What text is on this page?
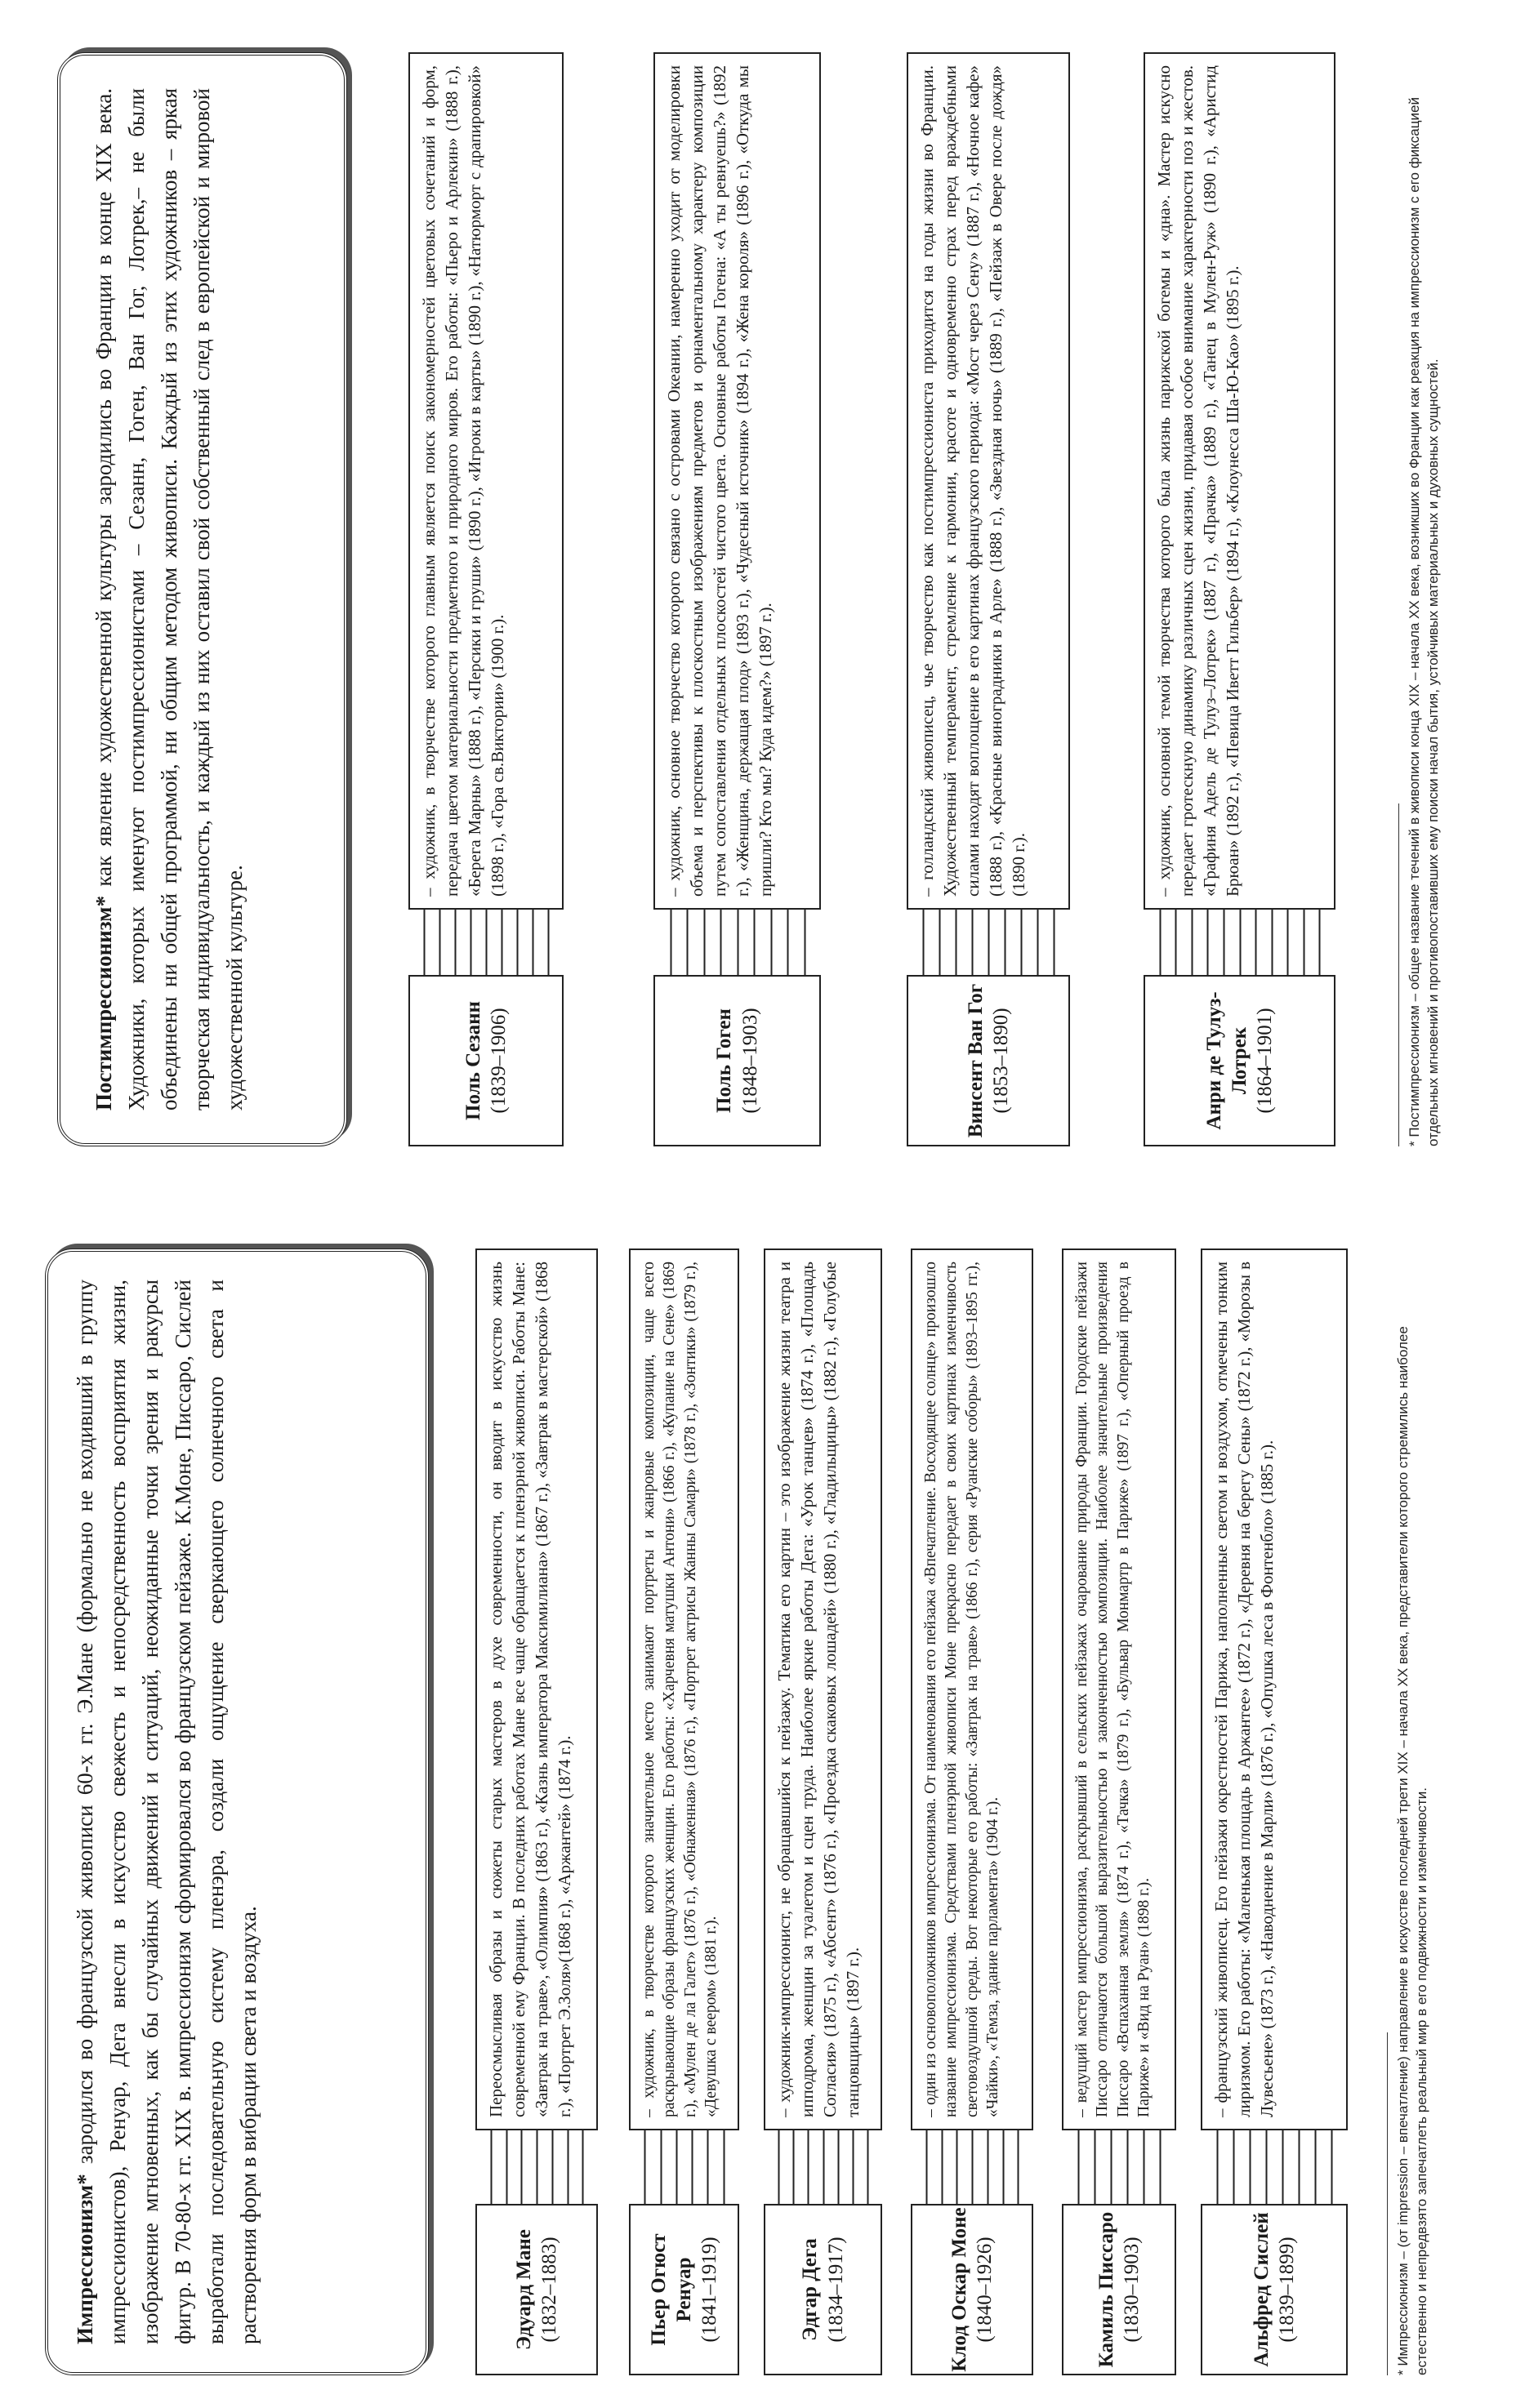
Импрессионизм* зародился во французской живописи 60-х гг. Э.Мане (формально не входивший в группу импрессионистов), Ренуар, Дега внесли в искусство свежесть и непосредственность восприятия жизни, изображение мгновенных, как бы случайных движений и ситуаций, неожиданные точки зрения и ракурсы фигур. В 70-80-х гг. XIX в. импрессионизм сформировался во французском пейзаже. К.Моне, Писсаро, Сислей выработали последовательную систему пленэра, создали ощущение сверкающего солнечного света и растворения форм в вибрации света и воздуха.	Эдуард Мане (1832–1883)
Переосмысливая образы и сюжеты старых мастеров в духе современности, он вводит в искусство жизнь современной ему Франции. В последних работах Мане все чаще обращается к пленэрной живописи. Работы Мане: «Завтрак на траве», «Олимпия» (1863 г.), «Казнь императора Максимилиана» (1867 г.), «Завтрак в мастерской» (1868 г.), «Портрет Э.Золя»(1868 г.), «Аржантей» (1874 г.).
Пьер Огюст Ренуар (1841–1919)
– художник, в творчестве которого значительное место занимают портреты и жанровые композиции, чаще всего раскрывающие образы французских женщин. Его работы: «Харчевня матушки Антони» (1866 г.), «Купание на Сене» (1869 г.), «Мулен де ла Галет» (1876 г.), «Обнаженная» (1876 г.), «Портрет актрисы Жанны Самари» (1878 г.), «Зонтики» (1879 г.), «Девушка с веером» (1881 г.).
Эдгар Дега (1834–1917)
– художник-импрессионист, не обращавшийся к пейзажу. Тематика его картин – это изображение жизни театра и ипподрома, женщин за туалетом и сцен труда. Наиболее яркие работы Дега: «Урок танцев» (1874 г.), «Площадь Согласия» (1875 г.), «Абсент» (1876 г.), «Проездка скаковых лошадей» (1880 г.), «Гладильщицы» (1882 г.), «Голубые танцовщицы» (1897 г.).
Клод Оскар Моне (1840–1926)
– один из основоположников импрессионизма. От наименования его пейзажа «Впечатление. Восходящее солнце» произошло название импрессионизма. Средствами пленэрной живописи Моне прекрасно передает в своих картинах изменчивость световоздушной среды. Вот некоторые его работы: «Завтрак на траве» (1866 г.), серия «Руанские соборы» (1893–1895 гг.), «Чайки», «Темза, здание парламента» (1904 г.).
Камиль Писсаро (1830–1903)
– ведущий мастер импрессионизма, раскрывший в сельских пейзажах очарование природы Франции. Городские пейзажи Писсаро отличаются большой выразительностью и законченностью композиции. Наиболее значительные произведения Писсаро «Вспаханная земля» (1874 г.), «Тачка» (1879 г.), «Бульвар Монмартр в Париже» (1897 г.), «Оперный проезд в Париже» и «Вид на Руан» (1898 г.).
Альфред Сислей (1839–1899)
– французский живописец. Его пейзажи окрестностей Парижа, наполненные светом и воздухом, отмечены тонким лиризмом. Его работы: «Маленькая площадь в Аржантее» (1872 г.), «Деревня на берегу Сены» (1872 г.), «Морозы в Лувесьене» (1873 г.), «Наводнение в Марли» (1876 г.), «Опушка леса в Фонтенбло» (1885 г.).	* Импрессионизм – (от impression – впечатление) направление в искусстве последней трети XIX – начала XX века, представители которого стремились наиболее естественно и непредвзято запечатлеть реальный мир в его подвижности и изменчивости.
Постимпрессионизм* как явление художественной культуры зародились во Франции в конце XIX века. Художники, которых именуют постимпрессионистами – Сезанн, Гоген, Ван Гог, Лотрек,– не были объединены ни общей программой, ни общим методом живописи. Каждый из этих художников – яркая творческая индивидуальность, и каждый из них оставил свой собственный след в европейской и мировой художественной культуре.	Поль Сезанн (1839–1906)
– художник, в творчестве которого главным является поиск закономерностей цветовых сочетаний и форм, передача цветом материальности предметного и природного миров. Его работы: «Пьеро и Арлекин» (1888 г.), «Берега Марны» (1888 г.), «Персики и груши» (1890 г.), «Игроки в карты» (1890 г.), «Натюрморт с драпировкой» (1898 г.), «Гора св.Виктории» (1900 г.).
Поль Гоген (1848–1903)
– художник, основное творчество которого связано с островами Океании, намеренно уходит от моделировки объема и перспективы к плоскостным изображениям предметов и орнаментальному характеру композиции путем сопоставления отдельных плоскостей чистого цвета. Основные работы Гогена: «А ты ревнуешь?» (1892 г.), «Женщина, держащая плод» (1893 г.), «Чудесный источник» (1894 г.), «Жена короля» (1896 г.), «Откуда мы пришли? Кто мы? Куда идем?» (1897 г.).
Винсент Ван Гог (1853–1890)
– голландский живописец, чье творчество как постимпрессиониста приходится на годы жизни во Франции. Художественный темперамент, стремление к гармонии, красоте и одновременно страх перед враждебными силами находят воплощение в его картинах французского периода: «Мост через Сену» (1887 г.), «Ночное кафе» (1888 г.), «Красные виноградники в Арле» (1888 г.), «Звездная ночь» (1889 г.), «Пейзаж в Овере после дождя» (1890 г.).
Анри де Тулуз-Лотрек (1864–1901)
– художник, основной темой творчества которого была жизнь парижской богемы и «дна». Мастер искусно передает гротескную динамику различных сцен жизни, придавая особое внимание характерности поз и жестов. «Графиня Адель де Тулуз–Лотрек» (1887 г.), «Прачка» (1889 г.), «Танец в Мулен-Руж» (1890 г.), «Аристид Брюан» (1892 г.), «Певица Иветт Гильбер» (1894 г.), «Клоунесса Ша-Ю-Као» (1895 г.).	* Постимпрессионизм – общее название течений в живописи конца XIX – начала XX века, возникших во Франции как реакция на импрессионизм с его фиксацией отдельных мгновений и противопоставивших ему поиски начал бытия, устойчивых материальных и духовных сущностей.
